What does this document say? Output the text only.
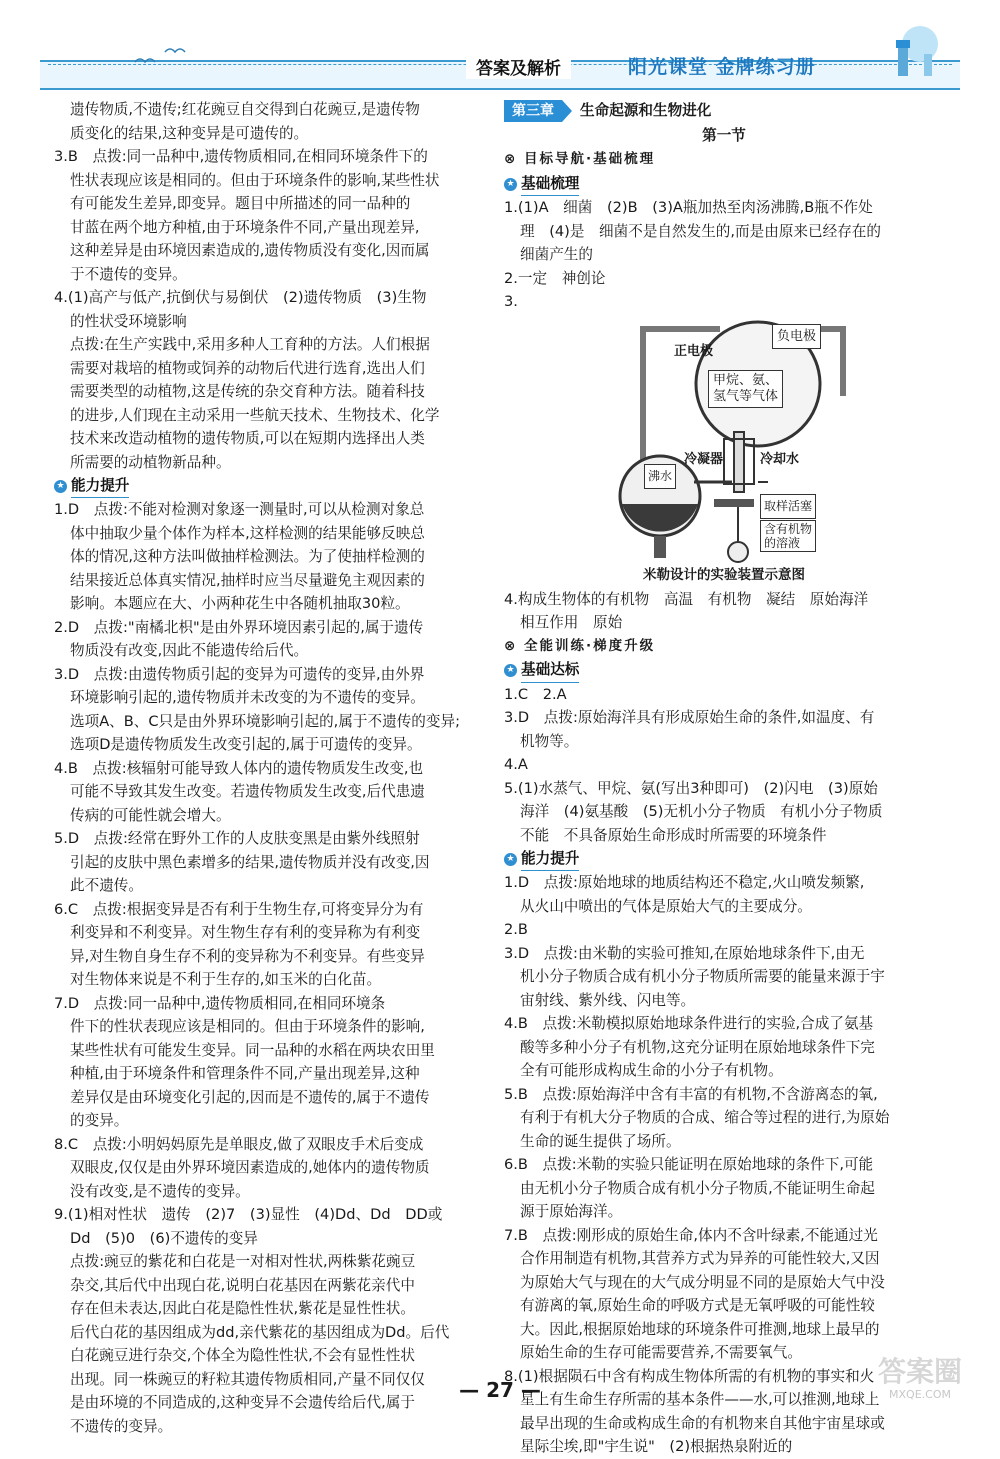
答案及解析	阳光课堂 金牌练习册
遗传物质,不遗传;红花豌豆自交得到白花豌豆,是遗传物
质变化的结果,这种变异是可遗传的。
3.B　点拨:同一品种中,遗传物质相同,在相同环境条件下的
性状表现应该是相同的。但由于环境条件的影响,某些性状
有可能发生差异,即变异。题目中所描述的同一品种的
甘蓝在两个地方种植,由于环境条件不同,产量出现差异,
这种差异是由环境因素造成的,遗传物质没有变化,因而属
于不遗传的变异。
4.(1)高产与低产,抗倒伏与易倒伏　(2)遗传物质　(3)生物
的性状受环境影响
点拨:在生产实践中,采用多种人工育种的方法。人们根据
需要对栽培的植物或饲养的动物后代进行选育,选出人们
需要类型的动植物,这是传统的杂交育种方法。随着科技
的进步,人们现在主动采用一些航天技术、生物技术、化学
技术来改造动植物的遗传物质,可以在短期内选择出人类
所需要的动植物新品种。
★ 能力提升
1.D　点拨:不能对检测对象逐一测量时,可以从检测对象总
体中抽取少量个体作为样本,这样检测的结果能够反映总
体的情况,这种方法叫做抽样检测法。为了使抽样检测的
结果接近总体真实情况,抽样时应当尽量避免主观因素的
影响。本题应在大、小两种花生中各随机抽取30粒。
2.D　点拨:"南橘北枳"是由外界环境因素引起的,属于遗传
物质没有改变,因此不能遗传给后代。
3.D　点拨:由遗传物质引起的变异为可遗传的变异,由外界
环境影响引起的,遗传物质并未改变的为不遗传的变异。
选项A、B、C只是由外界环境影响引起的,属于不遗传的变异;
选项D是遗传物质发生改变引起的,属于可遗传的变异。
4.B　点拨:核辐射可能导致人体内的遗传物质发生改变,也
可能不导致其发生改变。若遗传物质发生改变,后代患遗
传病的可能性就会增大。
5.D　点拨:经常在野外工作的人皮肤变黑是由紫外线照射
引起的皮肤中黑色素增多的结果,遗传物质并没有改变,因
此不遗传。
6.C　点拨:根据变异是否有利于生物生存,可将变异分为有
利变异和不利变异。对生物生存有利的变异称为有利变
异,对生物自身生存不利的变异称为不利变异。有些变异
对生物体来说是不利于生存的,如玉米的白化苗。
7.D　点拨:同一品种中,遗传物质相同,在相同环境条
件下的性状表现应该是相同的。但由于环境条件的影响,
某些性状有可能发生变异。同一品种的水稻在两块农田里
种植,由于环境条件和管理条件不同,产量出现差异,这种
差异仅是由环境变化引起的,因而是不遗传的,属于不遗传
的变异。
8.C　点拨:小明妈妈原先是单眼皮,做了双眼皮手术后变成
双眼皮,仅仅是由外界环境因素造成的,她体内的遗传物质
没有改变,是不遗传的变异。
9.(1)相对性状　遗传　(2)7　(3)显性　(4)Dd、Dd　DD或
Dd　(5)0　(6)不遗传的变异
点拨:豌豆的紫花和白花是一对相对性状,两株紫花豌豆
杂交,其后代中出现白花,说明白花基因在两紫花亲代中
存在但未表达,因此白花是隐性性状,紫花是显性性状。
后代白花的基因组成为dd,亲代紫花的基因组成为Dd。后代
白花豌豆进行杂交,个体全为隐性性状,不会有显性性状
出现。同一株豌豆的籽粒其遗传物质相同,产量不同仅仅
是由环境的不同造成的,这种变异不会遗传给后代,属于
不遗传的变异。
第三章	生命起源和生物进化
第一节
⊗ 目标导航·基础梳理
★ 基础梳理
1.(1)A　细菌　(2)B　(3)A瓶加热至肉汤沸腾,B瓶不作处
理　(4)是　细菌不是自然发生的,而是由原来已经存在的
细菌产生的
2.一定　神创论
3.
正电极
负电极
甲烷、氨、
氢气等气体
沸水
冷凝器	冷却水
取样活塞
含有机物
的溶液
米勒设计的实验装置示意图
4.构成生物体的有机物　高温　有机物　凝结　原始海洋
相互作用　原始
⊗ 全能训练·梯度升级
★ 基础达标
1.C　2.A
3.D　点拨:原始海洋具有形成原始生命的条件,如温度、有
机物等。
4.A
5.(1)水蒸气、甲烷、氨(写出3种即可)　(2)闪电　(3)原始
海洋　(4)氨基酸　(5)无机小分子物质　有机小分子物质
不能　不具备原始生命形成时所需要的环境条件
★ 能力提升
1.D　点拨:原始地球的地质结构还不稳定,火山喷发频繁,
从火山中喷出的气体是原始大气的主要成分。
2.B
3.D　点拨:由米勒的实验可推知,在原始地球条件下,由无
机小分子物质合成有机小分子物质所需要的能量来源于宇
宙射线、紫外线、闪电等。
4.B　点拨:米勒模拟原始地球条件进行的实验,合成了氨基
酸等多种小分子有机物,这充分证明在原始地球条件下完
全有可能形成构成生命的小分子有机物。
5.B　点拨:原始海洋中含有丰富的有机物,不含游离态的氧,
有利于有机大分子物质的合成、缩合等过程的进行,为原始
生命的诞生提供了场所。
6.B　点拨:米勒的实验只能证明在原始地球的条件下,可能
由无机小分子物质合成有机小分子物质,不能证明生命起
源于原始海洋。
7.B　点拨:刚形成的原始生命,体内不含叶绿素,不能通过光
合作用制造有机物,其营养方式为异养的可能性较大,又因
为原始大气与现在的大气成分明显不同的是原始大气中没
有游离的氧,原始生命的呼吸方式是无氧呼吸的可能性较
大。因此,根据原始地球的环境条件可推测,地球上最早的
原始生命的生存可能需要营养,不需要氧气。
8.(1)根据陨石中含有构成生物体所需的有机物的事实和火
星上有生命生存所需的基本条件——水,可以推测,地球上
最早出现的生命或构成生命的有机物来自其他宇宙星球或
星际尘埃,即"宇生说"　(2)根据热泉附近的
— 27 —
答案圈
MXQE.COM
